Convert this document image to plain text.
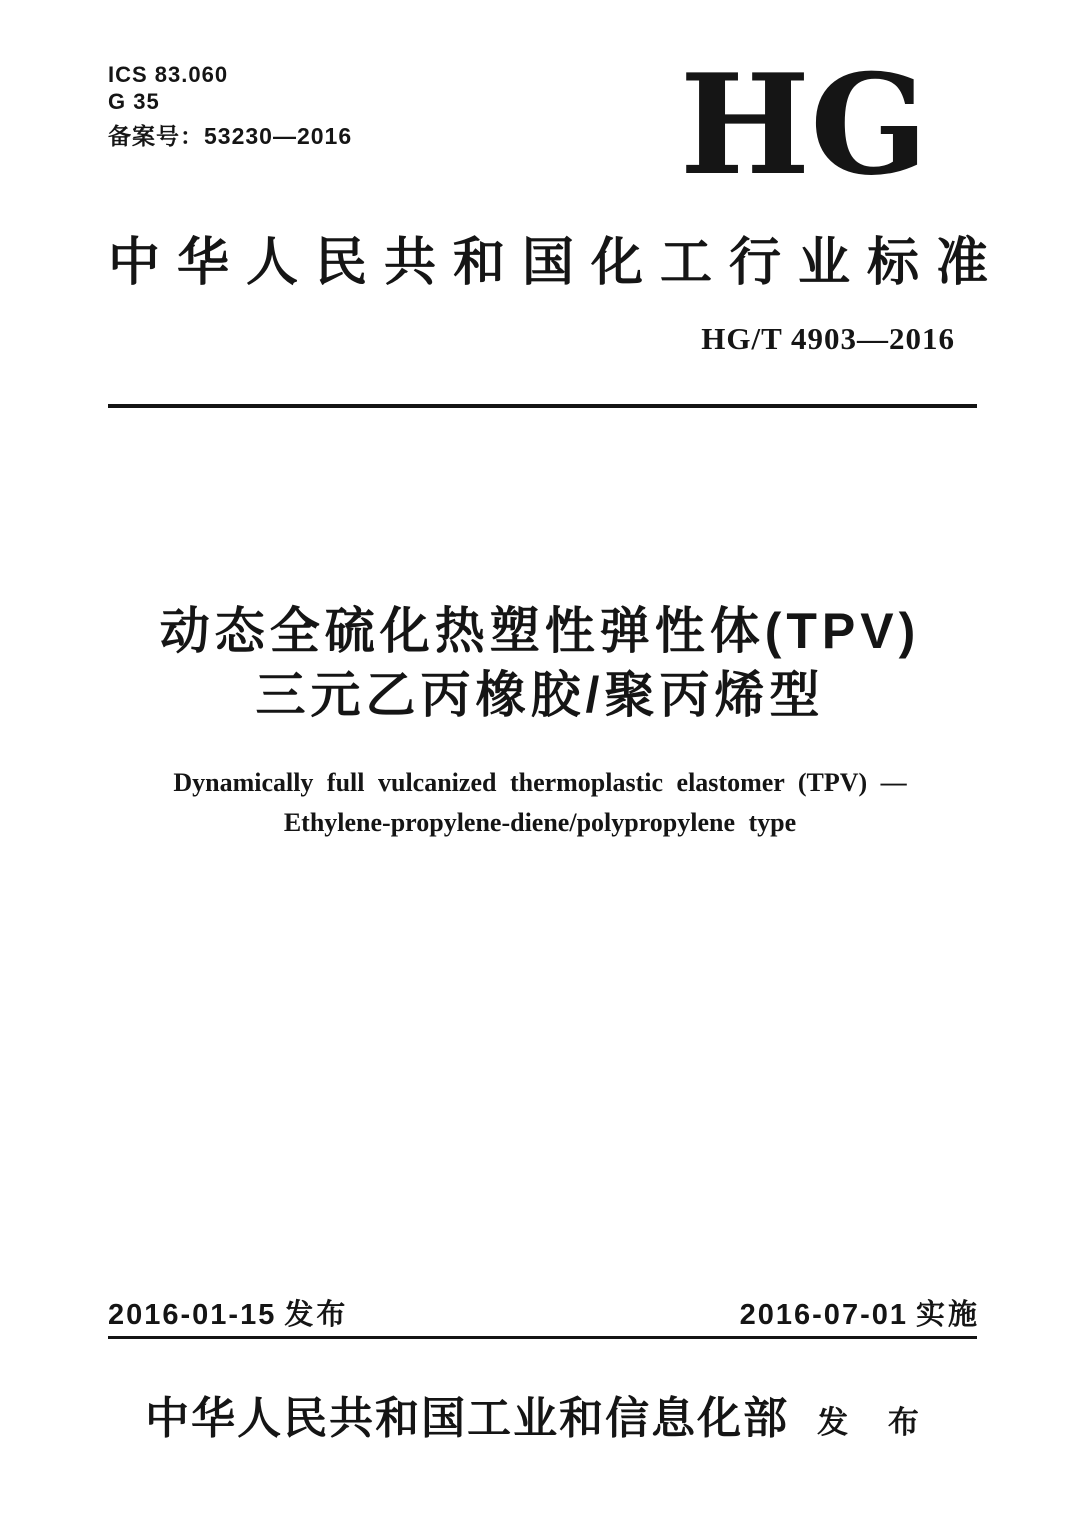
ICS 83.060
G 35
备案号：53230—2016 HG
中华人民共和国化工行业标准
HG/T 4903—2016
动态全硫化热塑性弹性体(TPV)
三元乙丙橡胶/聚丙烯型
Dynamically full vulcanized thermoplastic elastomer (TPV) —
Ethylene-propylene-diene/polypropylene type
2016-01-15 发布	2016-07-01 实施
中华人民共和国工业和信息化部 发 布
